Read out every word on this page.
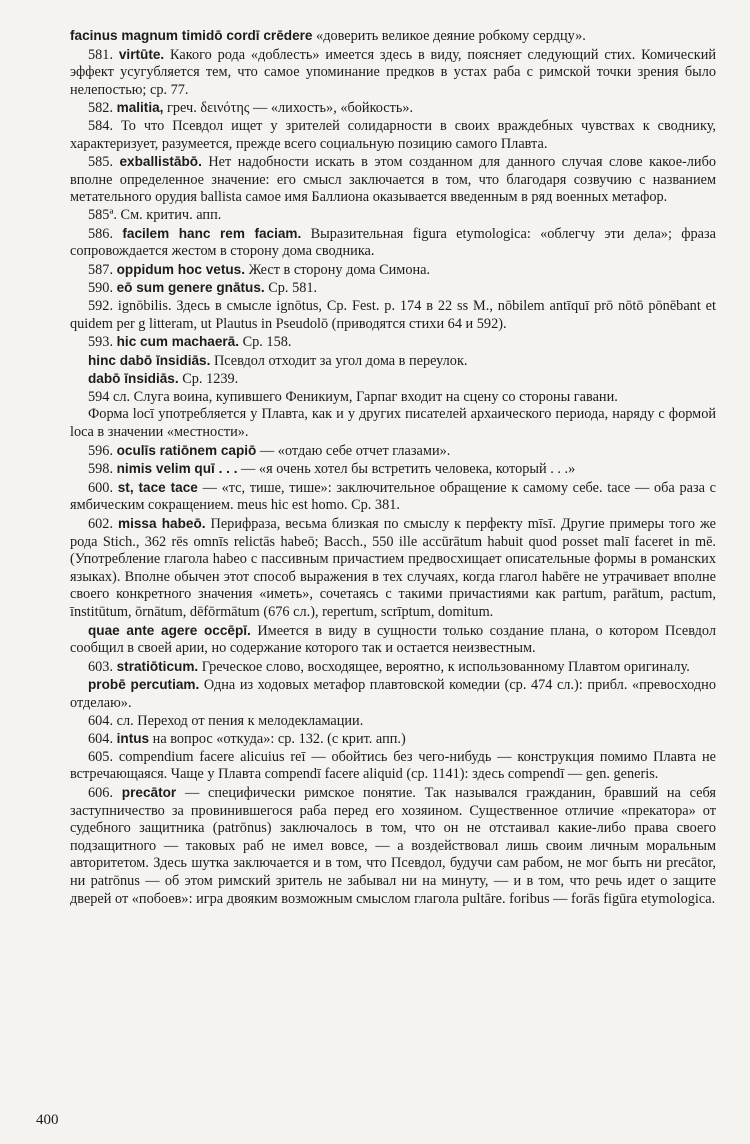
facinus magnum timidō cordī crēdere «доверить великое деяние робкому сердцу».

581. virtūte. Какого рода «доблесть» имеется здесь в виду, поясняет следующий стих. Комический эффект усугубляется тем, что самое упоминание предков в устах раба с римской точки зрения было нелепостью; ср. 77.

582. malitia, греч. δεινότης — «лихость», «бойкость».

584. То что Псевдол ищет у зрителей солидарности в своих враждебных чувствах к своднику, характеризует, разумеется, прежде всего социальную позицию самого Плавта.

585. exballistābō. Нет надобности искать в этом созданном для данного случая слове какое-либо вполне определенное значение: его смысл заключается в том, что благодаря созвучию с названием метательного орудия ballista самое имя Баллиона оказывается введенным в ряд военных метафор.

585ª. См. критич. апп.

586. facilem hanc rem faciam. Выразительная figura etymologica: «облегчу эти дела»; фраза сопровождается жестом в сторону дома сводника.

587. oppidum hoc vetus. Жест в сторону дома Симона.

590. eō sum genere gnātus. Ср. 581.

592. ignōbilis. Здесь в смысле ignōtus, Cp. Fest. p. 174 в 22 ss M., nōbilem antīquī prō nōtō pōnēbant et quidem per g litteram, ut Plautus in Pseudolō (приводятся стихи 64 и 592).

593. hic cum machaerā. Ср. 158.

hinc dabō īnsidiās. Псевдол отходит за угол дома в переулок.

dabō īnsidiās. Ср. 1239.

594 сл. Слуга воина, купившего Феникиум, Гарпаг входит на сцену со стороны гавани.

Форма locī употребляется у Плавта, как и у других писателей архаического периода, наряду с формой loca в значении «местности».

596. oculīs ratiōnem capiō — «отдаю себе отчет глазами».

598. nimis velim quī . . . — «я очень хотел бы встретить человека, который . . .»

600. st, tace tace — «тс, тише, тише»: заключительное обращение к самому себе. tace — оба раза с ямбическим сокращением. meus hic est homo. Ср. 381.

602. missa habeō. Перифраза, весьма близкая по смыслу к перфекту mīsī. Другие примеры того же рода Stich., 362 rēs omnīs relictās habeō; Bacch., 550 ille accūrātum habuit quod posset malī faceret in mē. (Употребление глагола habeo с пассивным причастием предвосхищает описательные формы в романских языках). Вполне обычен этот способ выражения в тех случаях, когда глагол habēre не утрачивает вполне своего конкретного значения «иметь», сочетаясь с такими причастиями как partum, parātum, pactum, īnstitūtum, ōrnātum, dēfōrmātum (676 сл.), repertum, scrīptum, domitum.

quae ante agere occēpī. Имеется в виду в сущности только создание плана, о котором Псевдол сообщил в своей арии, но содержание которого так и остается неизвестным.

603. stratiōticum. Греческое слово, восходящее, вероятно, к использованному Плавтом оригиналу.

probē percutiam. Одна из ходовых метафор плавтовской комедии (ср. 474 сл.): прибл. «превосходно отделаю».

604. сл. Переход от пения к мелодекламации.

604. intus на вопрос «откуда»: ср. 132. (с крит. апп.)

605. compendium facere alicuius reī — обойтись без чего-нибудь — конструкция помимо Плавта не встречающаяся. Чаще у Плавта compendī facere aliquid (ср. 1141): здесь compendī — gen. generis.

606. precātor — специфически римское понятие. Так назывался гражданин, бравший на себя заступничество за провинившегося раба перед его хозяином. Существенное отличие «прекатора» от судебного защитника (patrōnus) заключалось в том, что он не отстаивал какие-либо права своего подзащитного — таковых раб не имел вовсе, — а воздействовал лишь своим личным моральным авторитетом. Здесь шутка заключается и в том, что Псевдол, будучи сам рабом, не мог быть ни precātor, ни patrōnus — об этом римский зритель не забывал ни на минуту, — и в том, что речь идет о защите дверей от «побоев»: игра двояким возможным смыслом глагола pultāre. foribus — forās figūra etymologica.

400
